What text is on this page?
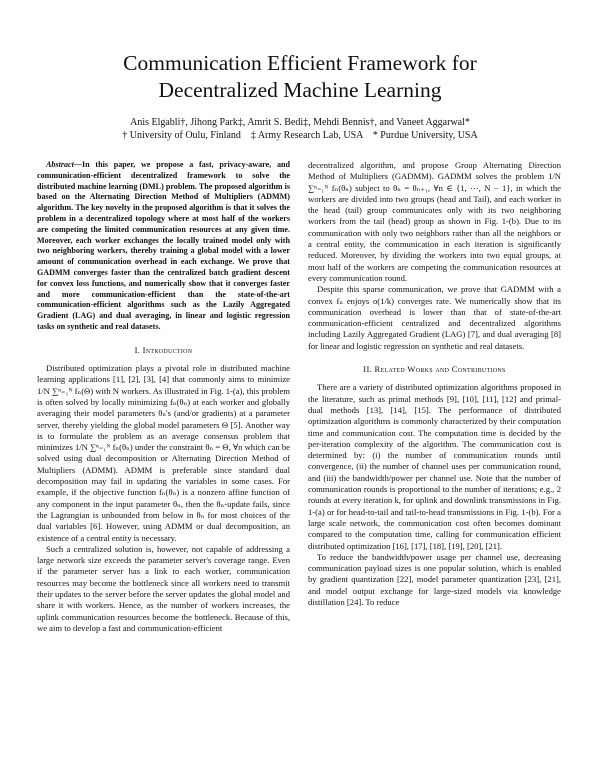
Communication Efficient Framework for
Decentralized Machine Learning
Anis Elgabli†, Jihong Park‡, Amrit S. Bedi‡, Mehdi Bennis†, and Vaneet Aggarwal*
† University of Oulu, Finland    ‡ Army Research Lab, USA    * Purdue University, USA

Abstract—In this paper, we propose a fast, privacy-aware, and communication-efficient decentralized framework to solve the distributed machine learning (DML) problem. The proposed algorithm is based on the Alternating Direction Method of Multipliers (ADMM) algorithm. The key novelty in the proposed algorithm is that it solves the problem in a decentralized topology where at most half of the workers are competing the limited communication resources at any given time. Moreover, each worker exchanges the locally trained model only with two neighboring workers, thereby training a global model with a lower amount of communication overhead in each exchange. We prove that GADMM converges faster than the centralized batch gradient descent for convex loss functions, and numerically show that it converges faster and more communication-efficient than the state-of-the-art communication-efficient algorithms such as the Lazily Aggregated Gradient (LAG) and dual averaging, in linear and logistic regression tasks on synthetic and real datasets.

I. Introduction

Distributed optimization plays a pivotal role in distributed machine learning applications [1], [2], [3], [4] that commonly aims to minimize 1/N ∑ⁿ₌₁ᴺ fₙ(Θ) with N workers. As illustrated in Fig. 1-(a), this problem is often solved by locally minimizing fₙ(θₙ) at each worker and globally averaging their model parameters θₙ's (and/or gradients) at a parameter server, thereby yielding the global model parameters Θ [5]. Another way is to formulate the problem as an average consensus problem that minimizes 1/N ∑ⁿ₌₁ᴺ fₙ(θₙ) under the constraint θₙ = Θ, ∀n which can be solved using dual decomposition or Alternating Direction Method of Multipliers (ADMM). ADMM is preferable since standard dual decomposition may fail in updating the variables in some cases. For example, if the objective function fₙ(θₙ) is a nonzero affine function of any component in the input parameter θₙ, then the θₙ-update fails, since the Lagrangian is unbounded from below in θₙ for most choices of the dual variables [6]. However, using ADMM or dual decomposition, an existence of a central entity is necessary.

Such a centralized solution is, however, not capable of addressing a large network size exceeds the parameter server's coverage range. Even if the parameter server has a link to each worker, communication resources may become the bottleneck since all workers need to transmit their updates to the server before the server updates the global model and share it with workers. Hence, as the number of workers increases, the uplink communication resources become the bottleneck. Because of this, we aim to develop a fast and communication-efficient

decentralized algorithm, and propose Group Alternating Direction Method of Multipliers (GADMM). GADMM solves the problem 1/N ∑ⁿ₌₁ᴺ fₙ(θₙ) subject to θₙ = θₙ₊₁, ∀n ∈ {1, ⋯, N − 1}, in which the workers are divided into two groups (head and Tail), and each worker in the head (tail) group communicates only with its two neighboring workers from the tail (head) group as shown in Fig. 1-(b). Due to its communication with only two neighbors rather than all the neighbors or a central entity, the communication in each iteration is significantly reduced. Moreover, by dividing the workers into two equal groups, at most half of the workers are competing the communication resources at every communication round.

Despite this sparse communication, we prove that GADMM with a convex fₙ enjoys o(1/k) converges rate. We numerically show that its communication overhead is lower than that of state-of-the-art communication-efficient centralized and decentralized algorithms including Lazily Aggregated Gradient (LAG) [7], and dual averaging [8] for linear and logistic regression on synthetic and real datasets.

II. Related Works and Contributions

There are a variety of distributed optimization algorithms proposed in the literature, such as primal methods [9], [10], [11], [12] and primal-dual methods [13], [14], [15]. The performance of distributed optimization algorithms is commonly characterized by their computation time and communication cost. The computation time is decided by the per-iteration complexity of the algorithm. The communication cost is determined by: (i) the number of communication rounds until convergence, (ii) the number of channel uses per communication round, and (iii) the bandwidth/power per channel use. Note that the number of communication rounds is proportional to the number of iterations; e.g., 2 rounds at every iteration k, for uplink and downlink transmissions in Fig. 1-(a) or for head-to-tail and tail-to-head transmissions in Fig. 1-(b). For a large scale network, the communication cost often becomes dominant compared to the computation time, calling for communication efficient distributed optimization [16], [17], [18], [19], [20], [21].

To reduce the bandwidth/power usage per channel use, decreasing communication payload sizes is one popular solution, which is enabled by gradient quantization [22], model parameter quantization [23], [21], and model output exchange for large-sized models via knowledge distillation [24]. To reduce
